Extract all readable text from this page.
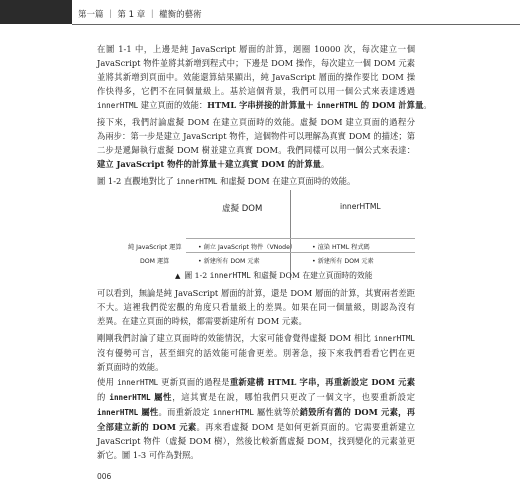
第一篇 ｜ 第 1 章 ｜ 權衡的藝術
在圖 1-1 中，上邊是純 JavaScript 層面的計算，迴圈 10000 次，每次建立一個
JavaScript 物件並將其新增到程式中；下邊是 DOM 操作，每次建立一個 DOM 元素
並將其新增到頁面中。效能還算結果顯出，純 JavaScript 層面的操作要比 DOM 操
作快得多，它們不在同個量級上。基於這個背景，我們可以用一個公式來表達透過
innerHTML 建立頁面的效能：HTML 字串拼接的計算量＋ innerHTML 的 DOM 計算量。
接下來，我們討論虛擬 DOM 在建立頁面時的效能。虛擬 DOM 建立頁面的過程分
為兩步：第一步是建立 JavaScript 物件，這個物件可以理解為真實 DOM 的描述；第
二步是遞歸執行虛擬 DOM 樹並建立真實 DOM。我們同樣可以用一個公式來表達：
建立 JavaScript 物件的計算量＋建立真實 DOM 的計算量。
圖 1-2 直觀地對比了 innerHTML 和虛擬 DOM 在建立頁面時的效能。
虛擬 DOM	innerHTML
純 JavaScript 運算	• 創立 JavaScript 物件（VNode）	• 渲染 HTML 程式碼
DOM 運算	• 新建所有 DOM 元素	• 新建所有 DOM 元素
▲ 圖 1-2 innerHTML 和虛擬 DOM 在建立頁面時的效能
可以看到，無論是純 JavaScript 層面的計算，還是 DOM 層面的計算，其實兩者差距
不大。這裡我們從宏觀的角度只看量級上的差異。如果在同一個量級，則認為沒有
差異。在建立頁面的時候，都需要新建所有 DOM 元素。
剛剛我們討論了建立頁面時的效能情況，大家可能會覺得虛擬 DOM 相比 innerHTML
沒有優勢可言，甚至細究的話效能可能會更差。別著急，接下來我們看看它們在更
新頁面時的效能。
使用 innerHTML 更新頁面的過程是重新建構 HTML 字串，再重新設定 DOM 元素
的 innerHTML 屬性，這其實是在說，哪怕我們只更改了一個文字，也要重新設定
innerHTML 屬性。而重新設定 innerHTML 屬性就等於銷毀所有舊的 DOM 元素，再
全部建立新的 DOM 元素。再來看虛擬 DOM 是如何更新頁面的。它需要重新建立
JavaScript 物件（虛擬 DOM 樹），然後比較新舊虛擬 DOM，找到變化的元素並更
新它。圖 1-3 可作為對照。
006
